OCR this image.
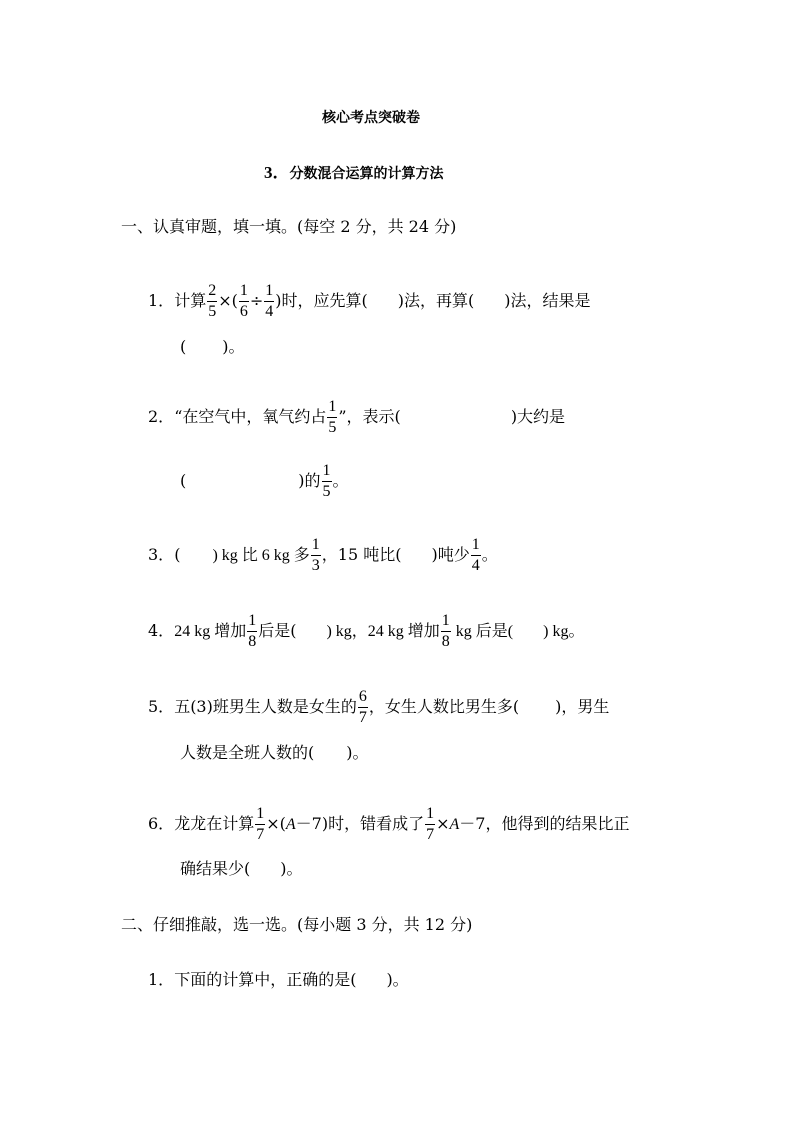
核心考点突破卷
3．分数混合运算的计算方法
一、认真审题，填一填。(每空 2 分，共 24 分)
1．计算 $\frac{2}{5}$ ×( $\frac{1}{6} \div \frac{1}{4}$ )时，应先算( )法，再算( )法，结果是
( )。
2．“在空气中，氧气约占 $\frac{1}{5}$ ”，表示(	)大约是
(	)的 $\frac{1}{5}$ 。
3．( ) kg 比 6 kg 多 $\frac{1}{3}$ ，15 吨比( )吨少 $\frac{1}{4}$ 。
4．24 kg 增加 $\frac{1}{8}$ 后是( ) kg，24 kg 增加 $\frac{1}{8}$ kg 后是( ) kg。
5．五(3)班男生人数是女生的 $\frac{6}{7}$ ，女生人数比男生多( )，男生
人数是全班人数的( )。
6．龙龙在计算 $\frac{1}{7} \times(A-7)$时，错看成了 $\frac{1}{7} \times A-7$，他得到的结果比正
确结果少( )。
二、仔细推敲，选一选。(每小题 3 分，共 12 分)
1．下面的计算中，正确的是( )。
